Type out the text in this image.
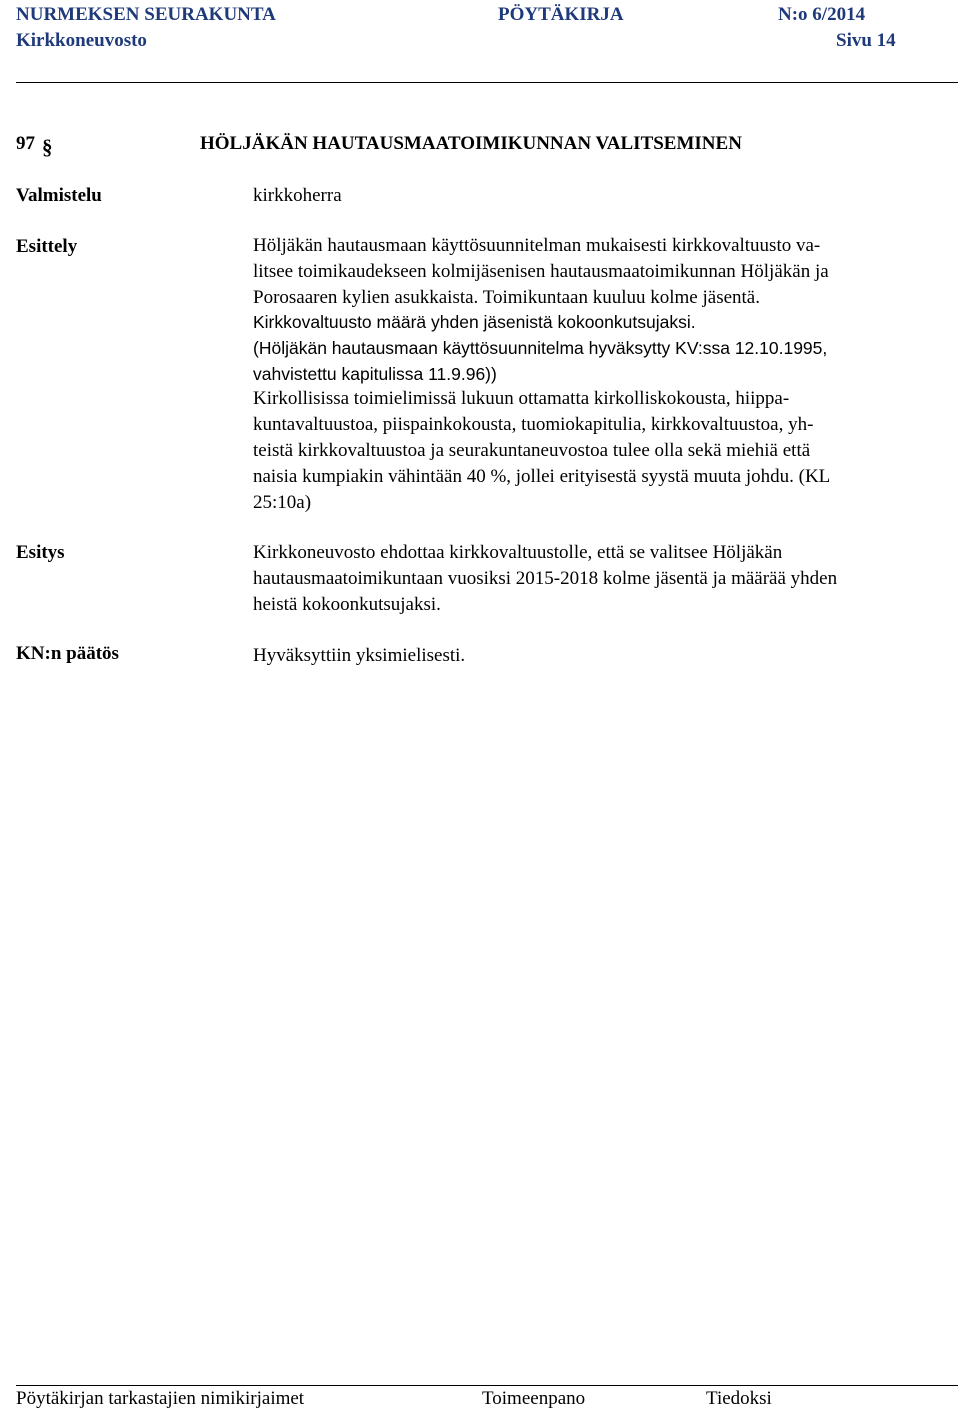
NURMEKSEN SEURAKUNTA	PÖYTÄKIRJA	N:o 6/2014
Kirkkoneuvosto	Sivu 14
97 §	HÖLJÄKÄN HAUTAUSMAATOIMIKUNNAN VALITSEMINEN
Valmistelu	kirkkoherra
Esittely	Höljäkän hautausmaan käyttösuunnitelman mukaisesti kirkkovaltuusto va-
litsee toimikaudekseen kolmijäsenisen hautausmaatoimikunnan Höljäkän ja
Porosaaren kylien asukkaista. Toimikuntaan kuuluu kolme jäsentä.
Kirkkovaltuusto määrä yhden jäsenistä kokoonkutsujaksi.
(Höljäkän hautausmaan käyttösuunnitelma hyväksytty KV:ssa 12.10.1995,
vahvistettu kapitulissa 11.9.96))
Kirkollisissa toimielimissä lukuun ottamatta kirkolliskokousta, hiippa-
kuntavaltuustoa, piispainkokousta, tuomiokapitulia, kirkkovaltuustoa, yh-
teistä kirkkovaltuustoa ja seurakuntaneuvostoa tulee olla sekä miehiä että
naisia kumpiakin vähintään 40 %, jollei erityisestä syystä muuta johdu. (KL
25:10a)
Esitys	Kirkkoneuvosto ehdottaa kirkkovaltuustolle, että se valitsee Höljäkän
hautausmaatoimikuntaan vuosiksi 2015-2018 kolme jäsentä ja määrää yhden
heistä kokoonkutsujaksi.
KN:n päätös	Hyväksyttiin yksimielisesti.
Pöytäkirjan tarkastajien nimikirjaimet	Toimeenpano	Tiedoksi
